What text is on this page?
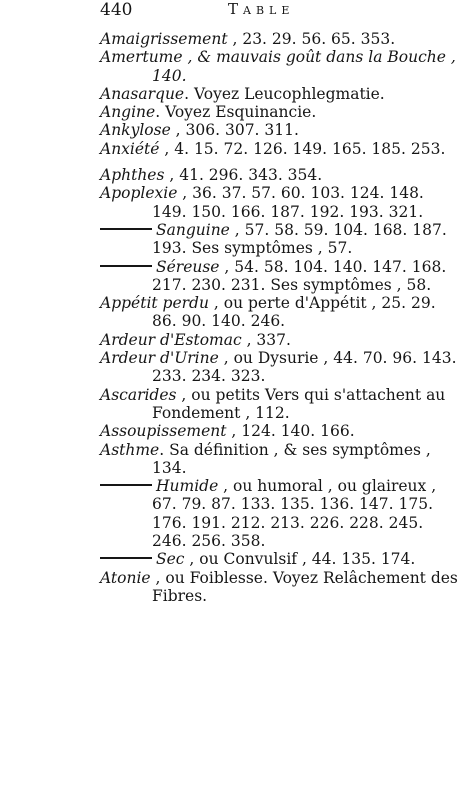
440	Table
Amaigrissement , 23. 29. 56. 65. 353.
Amertume , & mauvais goût dans la Bouche , 140.
Anasarque. Voyez Leucophlegmatie.
Angine. Voyez Esquinancie.
Ankylose , 306. 307. 311.
Anxiété , 4. 15. 72. 126. 149. 165. 185. 253.
Aphthes , 41. 296. 343. 354.
Apoplexie , 36. 37. 57. 60. 103. 124. 148. 149. 150. 166. 187. 192. 193. 321.
Sanguine , 57. 58. 59. 104. 168. 187. 193. Ses symptômes , 57.
Séreuse , 54. 58. 104. 140. 147. 168. 217. 230. 231. Ses symptômes , 58.
Appétit perdu , ou perte d'Appétit , 25. 29. 86. 90. 140. 246.
Ardeur d'Estomac , 337.
Ardeur d'Urine , ou Dysurie , 44. 70. 96. 143. 233. 234. 323.
Ascarides , ou petits Vers qui s'attachent au Fondement , 112.
Assoupissement , 124. 140. 166.
Asthme. Sa définition , & ses symptômes , 134.
Humide , ou humoral , ou glaireux , 67. 79. 87. 133. 135. 136. 147. 175. 176. 191. 212. 213. 226. 228. 245. 246. 256. 358.
Sec , ou Convulsif , 44. 135. 174.
Atonie , ou Foiblesse. Voyez Relâchement des Fibres.
